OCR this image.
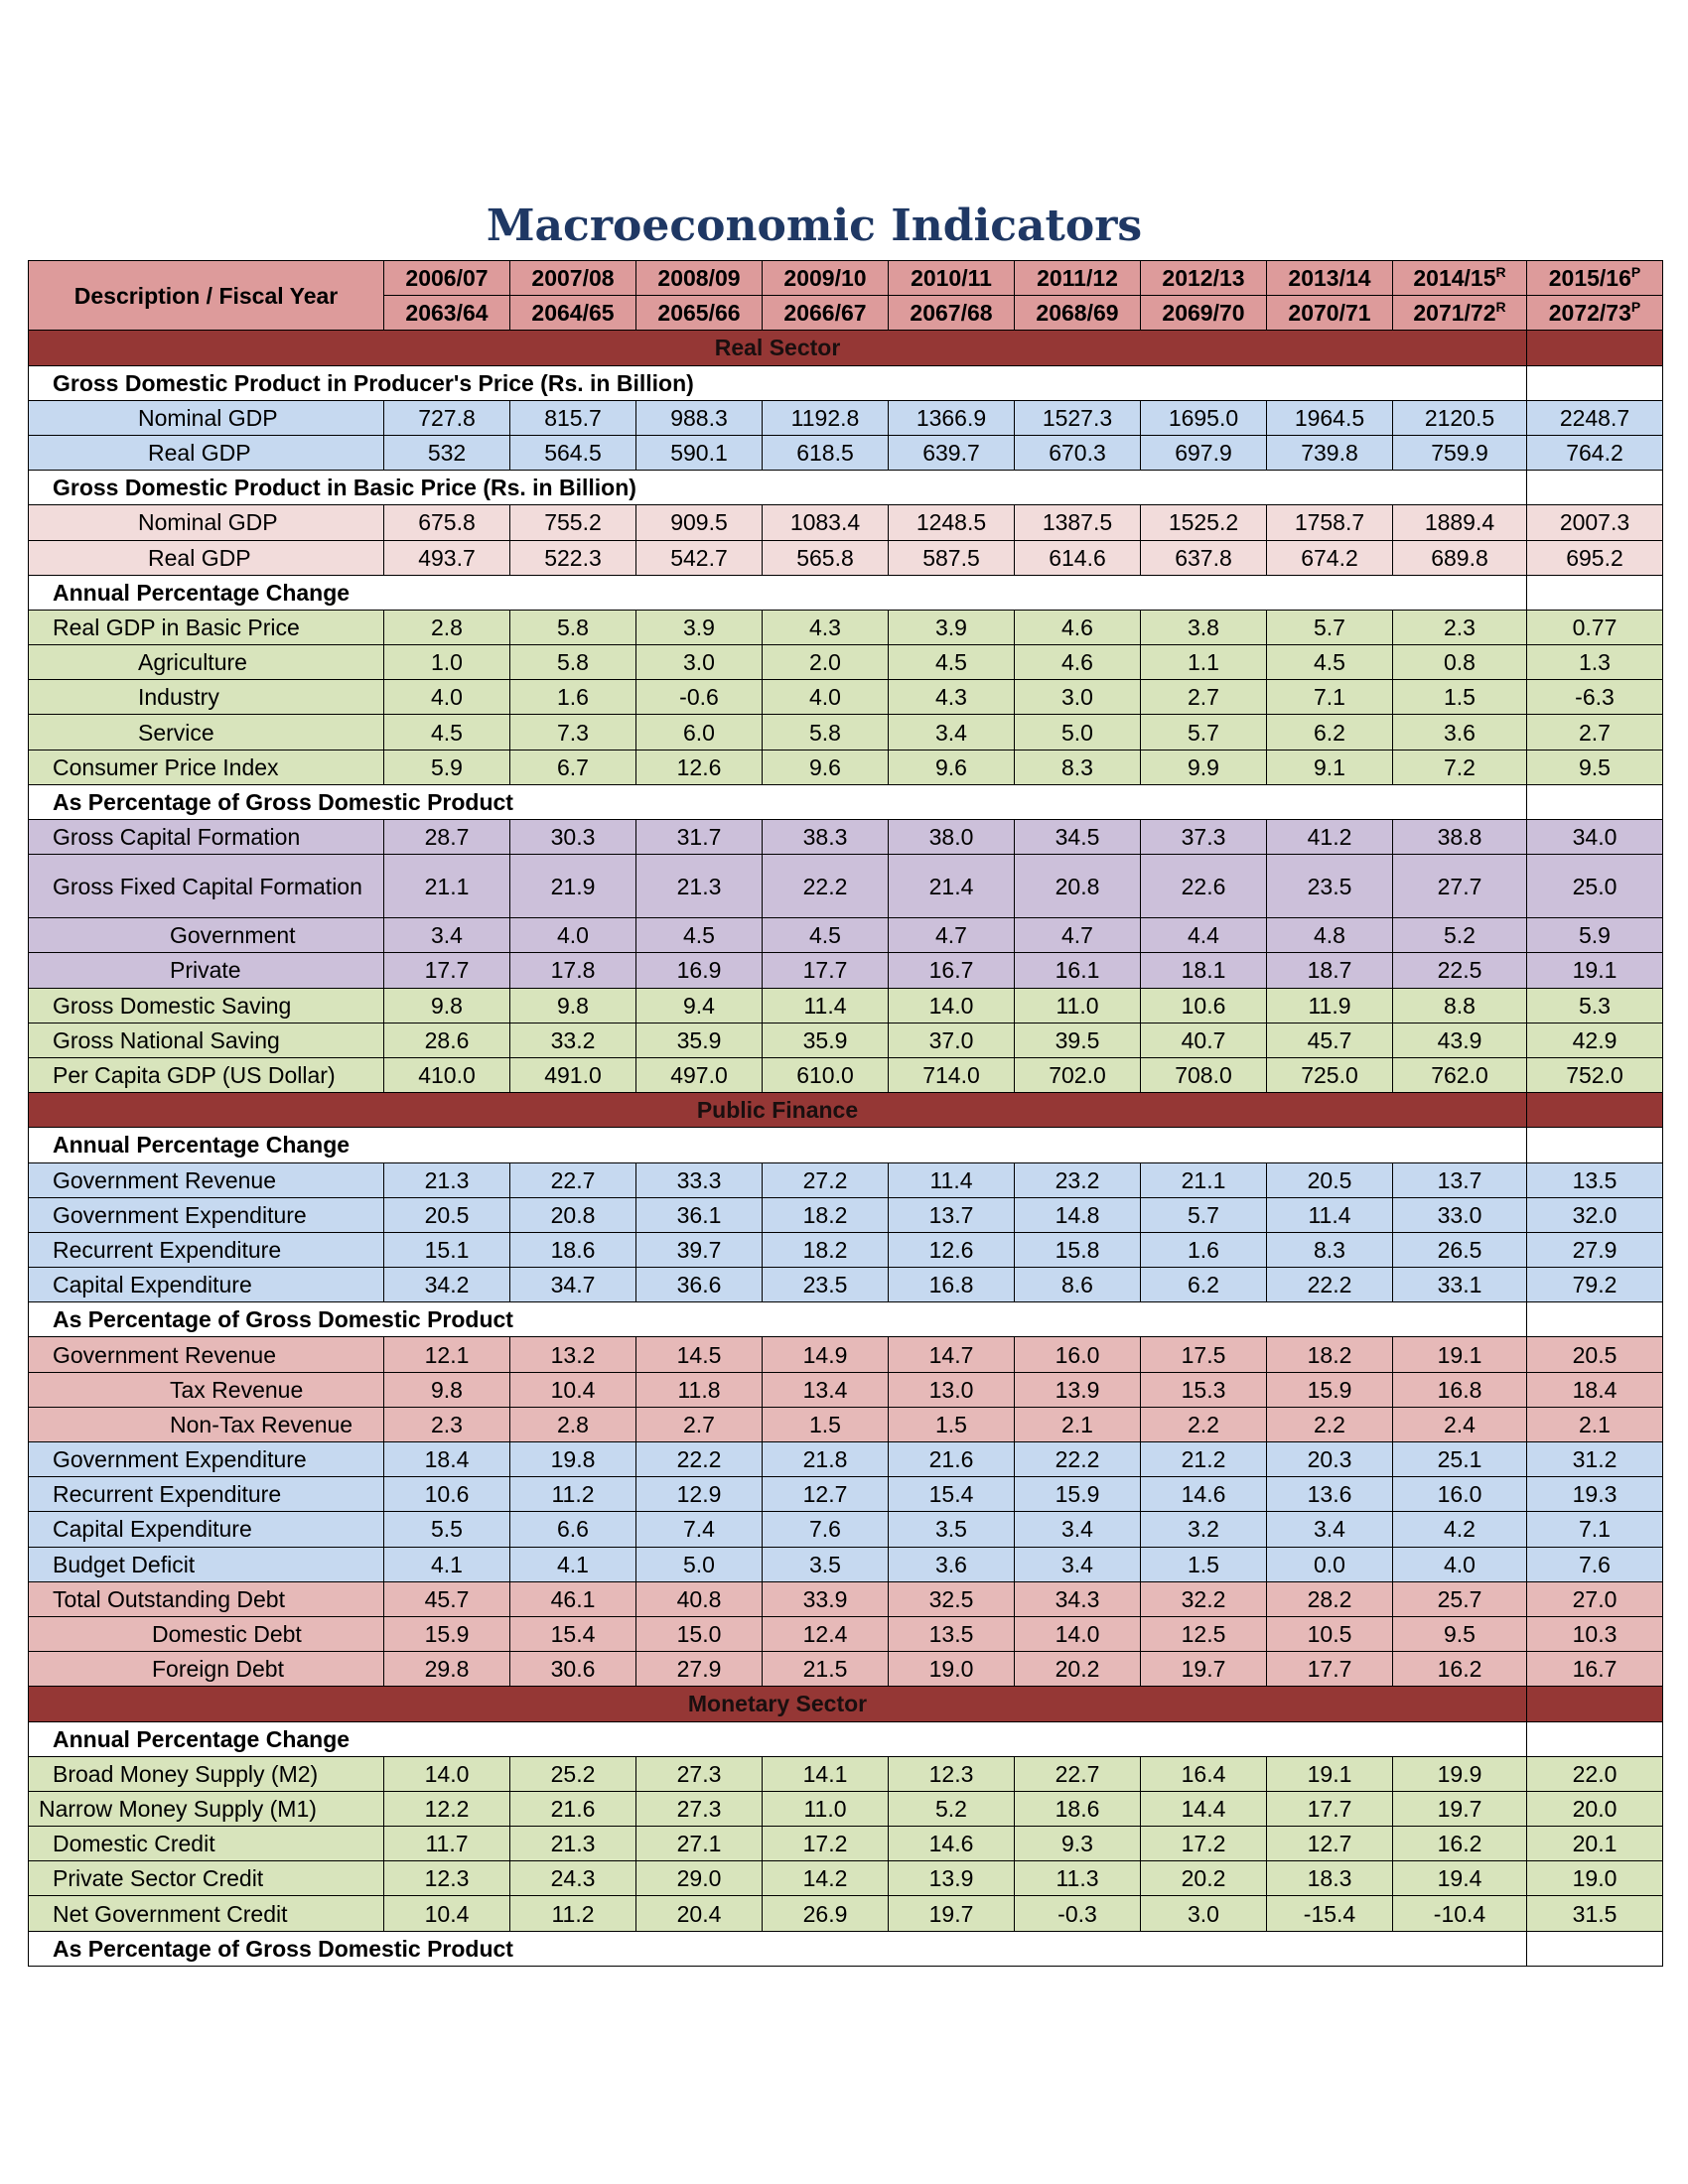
Macroeconomic Indicators
Description / Fiscal Year	2006/07	2007/08	2008/09	2009/10	2010/11	2011/12	2012/13	2013/14	$2014/15^R$	$2015/16^P$
	2063/64	2064/65	2065/66	2066/67	2067/68	2068/69	2069/70	2070/71	$2071/72^R$	$2072/73^P$
Real Sector										
Gross Domestic Product in Producer's Price (Rs. in Billion)										
Nominal GDP	727.8	815.7	988.3	1192.8	1366.9	1527.3	1695.0	1964.5	2120.5	2248.7
Real GDP	532	564.5	590.1	618.5	639.7	670.3	697.9	739.8	759.9	764.2
Gross Domestic Product in Basic Price (Rs. in Billion)										
Nominal GDP	675.8	755.2	909.5	1083.4	1248.5	1387.5	1525.2	1758.7	1889.4	2007.3
Real GDP	493.7	522.3	542.7	565.8	587.5	614.6	637.8	674.2	689.8	695.2
Annual Percentage Change										
Real GDP in Basic Price	2.8	5.8	3.9	4.3	3.9	4.6	3.8	5.7	2.3	0.77
Agriculture	1.0	5.8	3.0	2.0	4.5	4.6	1.1	4.5	0.8	1.3
Industry	4.0	1.6	-0.6	4.0	4.3	3.0	2.7	7.1	1.5	-6.3
Service	4.5	7.3	6.0	5.8	3.4	5.0	5.7	6.2	3.6	2.7
Consumer Price Index	5.9	6.7	12.6	9.6	9.6	8.3	9.9	9.1	7.2	9.5
As Percentage of Gross Domestic Product										
Gross Capital Formation	28.7	30.3	31.7	38.3	38.0	34.5	37.3	41.2	38.8	34.0
Gross Fixed Capital Formation	21.1	21.9	21.3	22.2	21.4	20.8	22.6	23.5	27.7	25.0
Government	3.4	4.0	4.5	4.5	4.7	4.7	4.4	4.8	5.2	5.9
Private	17.7	17.8	16.9	17.7	16.7	16.1	18.1	18.7	22.5	19.1
Gross Domestic Saving	9.8	9.8	9.4	11.4	14.0	11.0	10.6	11.9	8.8	5.3
Gross National Saving	28.6	33.2	35.9	35.9	37.0	39.5	40.7	45.7	43.9	42.9
Per Capita GDP (US Dollar)	410.0	491.0	497.0	610.0	714.0	702.0	708.0	725.0	762.0	752.0
Public Finance										
Annual Percentage Change										
Government Revenue	21.3	22.7	33.3	27.2	11.4	23.2	21.1	20.5	13.7	13.5
Government Expenditure	20.5	20.8	36.1	18.2	13.7	14.8	5.7	11.4	33.0	32.0
Recurrent Expenditure	15.1	18.6	39.7	18.2	12.6	15.8	1.6	8.3	26.5	27.9
Capital Expenditure	34.2	34.7	36.6	23.5	16.8	8.6	6.2	22.2	33.1	79.2
As Percentage of Gross Domestic Product										
Government Revenue	12.1	13.2	14.5	14.9	14.7	16.0	17.5	18.2	19.1	20.5
Tax Revenue	9.8	10.4	11.8	13.4	13.0	13.9	15.3	15.9	16.8	18.4
Non-Tax Revenue	2.3	2.8	2.7	1.5	1.5	2.1	2.2	2.2	2.4	2.1
Government Expenditure	18.4	19.8	22.2	21.8	21.6	22.2	21.2	20.3	25.1	31.2
Recurrent Expenditure	10.6	11.2	12.9	12.7	15.4	15.9	14.6	13.6	16.0	19.3
Capital Expenditure	5.5	6.6	7.4	7.6	3.5	3.4	3.2	3.4	4.2	7.1
Budget Deficit	4.1	4.1	5.0	3.5	3.6	3.4	1.5	0.0	4.0	7.6
Total Outstanding Debt	45.7	46.1	40.8	33.9	32.5	34.3	32.2	28.2	25.7	27.0
Domestic Debt	15.9	15.4	15.0	12.4	13.5	14.0	12.5	10.5	9.5	10.3
Foreign Debt	29.8	30.6	27.9	21.5	19.0	20.2	19.7	17.7	16.2	16.7
Monetary Sector										
Annual Percentage Change										
Broad Money Supply (M2)	14.0	25.2	27.3	14.1	12.3	22.7	16.4	19.1	19.9	22.0
Narrow Money Supply (M1)	12.2	21.6	27.3	11.0	5.2	18.6	14.4	17.7	19.7	20.0
Domestic Credit	11.7	21.3	27.1	17.2	14.6	9.3	17.2	12.7	16.2	20.1
Private Sector Credit	12.3	24.3	29.0	14.2	13.9	11.3	20.2	18.3	19.4	19.0
Net Government Credit	10.4	11.2	20.4	26.9	19.7	-0.3	3.0	-15.4	-10.4	31.5
As Percentage of Gross Domestic Product										
